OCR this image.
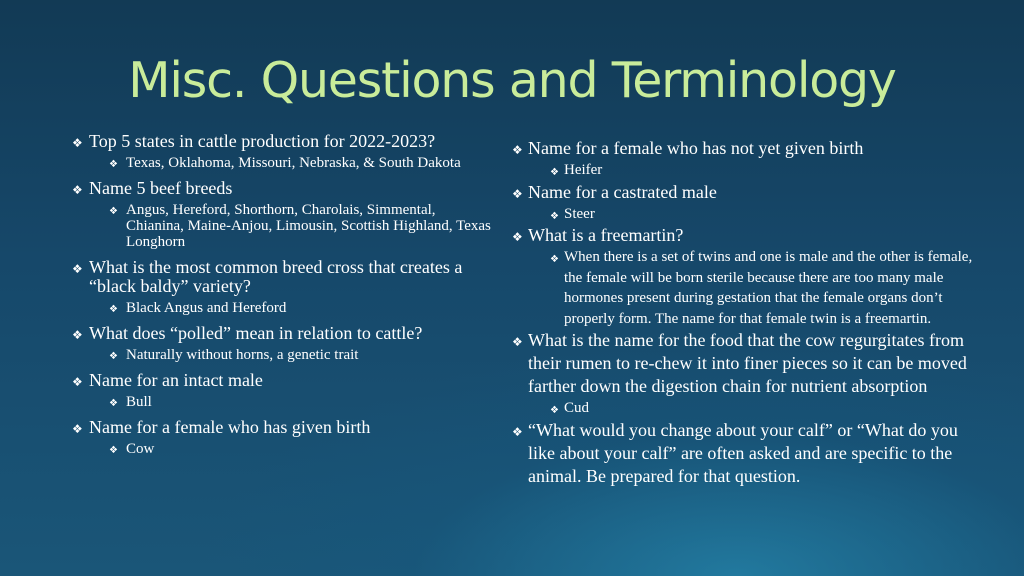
Misc. Questions and Terminology
❖ Top 5 states in cattle production for 2022-2023?
❖ Texas, Oklahoma, Missouri, Nebraska, & South Dakota
❖ Name 5 beef breeds
❖ Angus, Hereford, Shorthorn, Charolais, Simmental, Chianina, Maine-Anjou, Limousin, Scottish Highland, Texas Longhorn
❖ What is the most common breed cross that creates a “black baldy” variety?
❖ Black Angus and Hereford
❖ What does “polled” mean in relation to cattle?
❖ Naturally without horns, a genetic trait
❖ Name for an intact male
❖ Bull
❖ Name for a female who has given birth
❖ Cow
❖ Name for a female who has not yet given birth
❖ Heifer
❖ Name for a castrated male
❖ Steer
❖ What is a freemartin?
❖ When there is a set of twins and one is male and the other is female, the female will be born sterile because there are too many male hormones present during gestation that the female organs don’t properly form. The name for that female twin is a freemartin.
❖ What is the name for the food that the cow regurgitates from their rumen to re-chew it into finer pieces so it can be moved farther down the digestion chain for nutrient absorption
❖ Cud
❖ “What would you change about your calf” or “What do you like about your calf” are often asked and are specific to the animal. Be prepared for that question.
